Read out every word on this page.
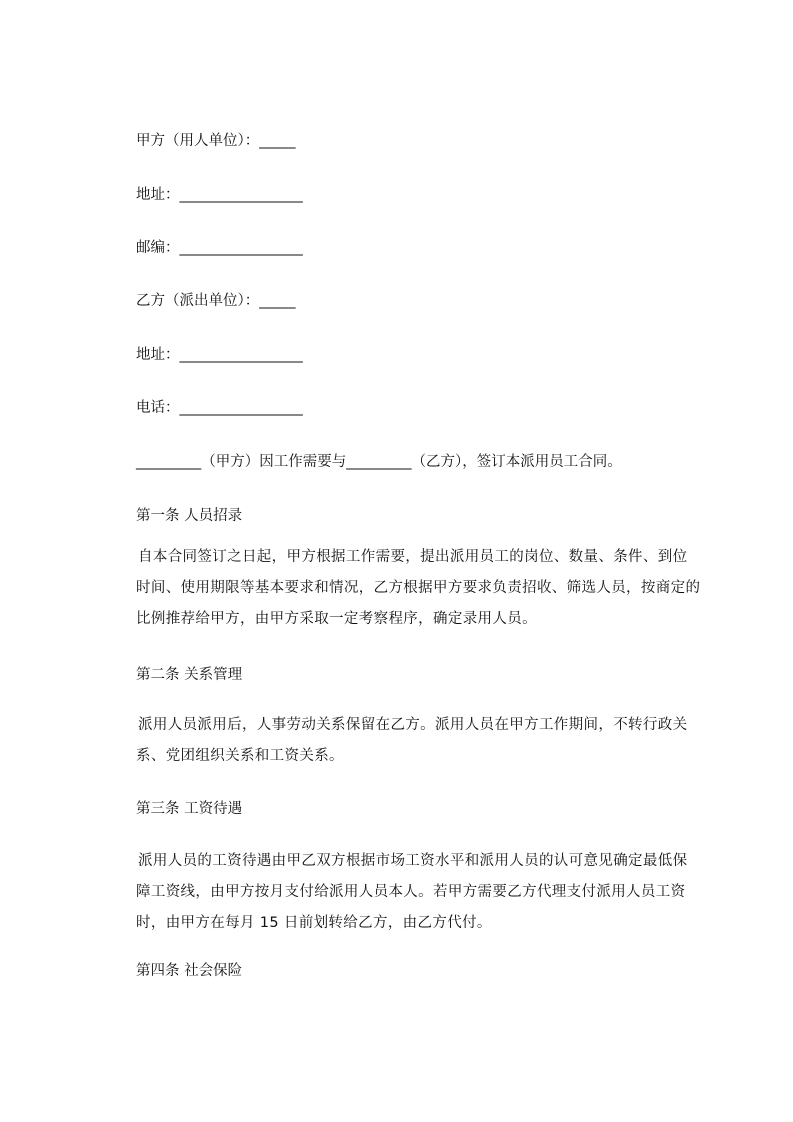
甲方（用人单位）：_____
地址：_________________
邮编：_________________
乙方（派出单位）：_____
地址：_________________
电话：_________________
_________（甲方）因工作需要与_________（乙方），签订本派用员工合同。
第一条 人员招录
自本合同签订之日起，甲方根据工作需要，提出派用员工的岗位、数量、条件、到位时间、使用期限等基本要求和情况，乙方根据甲方要求负责招收、筛选人员，按商定的比例推荐给甲方，由甲方采取一定考察程序，确定录用人员。
第二条 关系管理
派用人员派用后，人事劳动关系保留在乙方。派用人员在甲方工作期间，不转行政关系、党团组织关系和工资关系。
第三条 工资待遇
派用人员的工资待遇由甲乙双方根据市场工资水平和派用人员的认可意见确定最低保障工资线，由甲方按月支付给派用人员本人。若甲方需要乙方代理支付派用人员工资时，由甲方在每月 15 日前划转给乙方，由乙方代付。
第四条 社会保险
